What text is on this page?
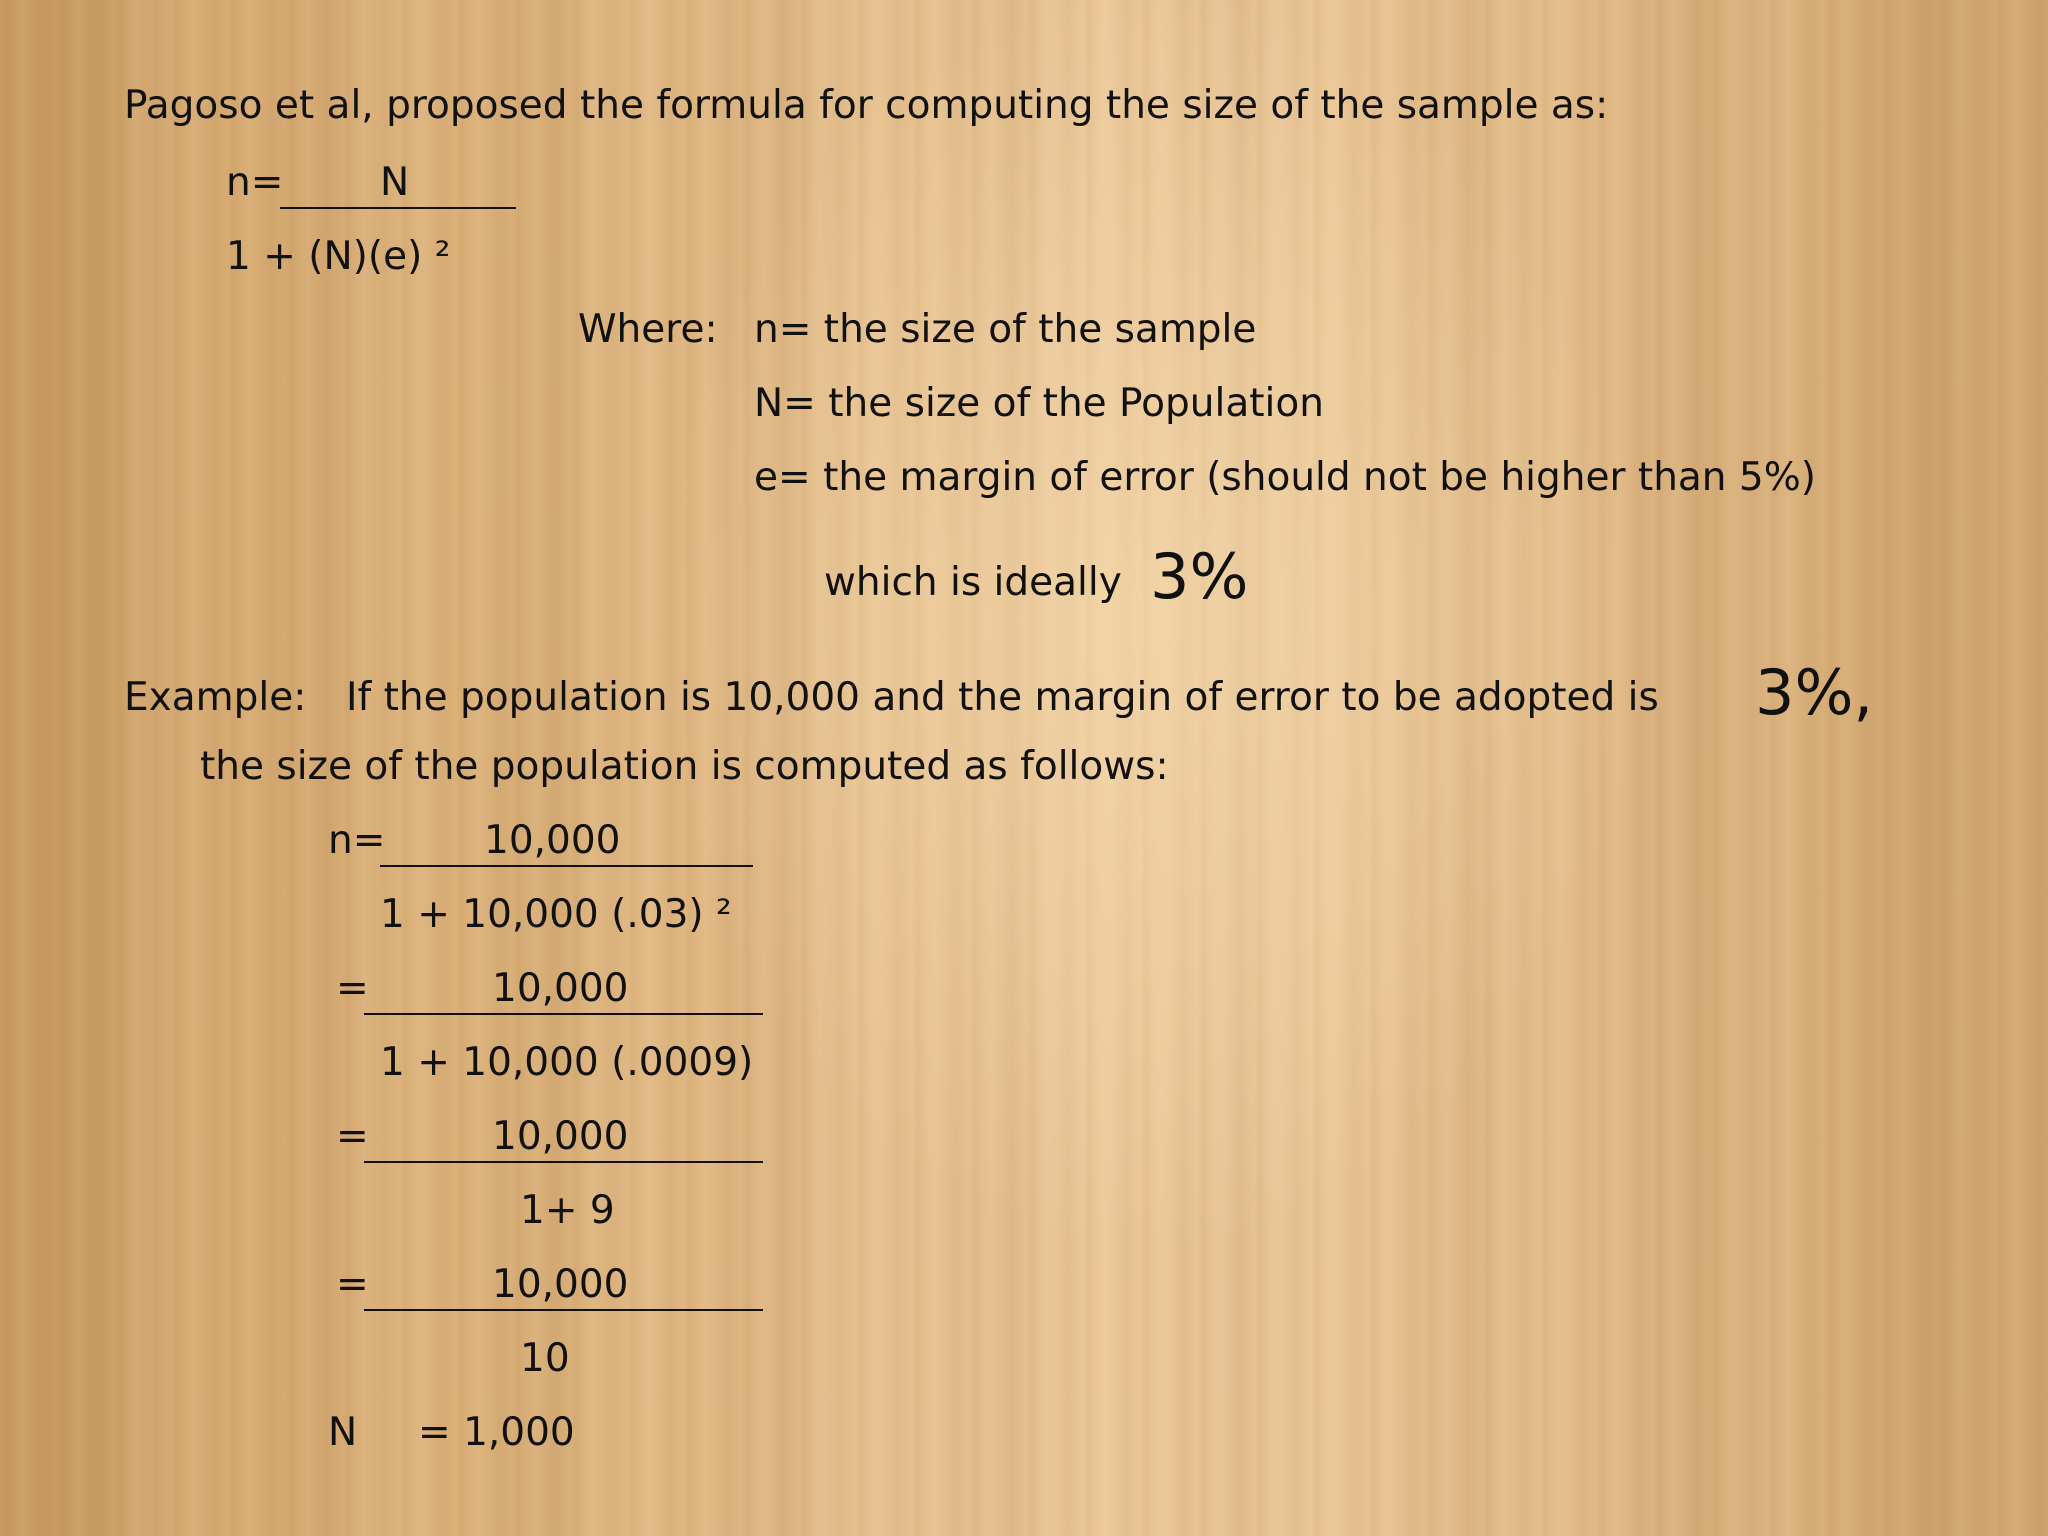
Pagoso et al, proposed the formula for computing the size of the sample as:
n= N
1 + (N)(e) ²
Where: n= the size of the sample
N= the size of the Population
e= the margin of error (should not be higher than 5%)
which is ideally 3%
Example: If the population is 10,000 and the margin of error to be adopted is 3%,
the size of the population is computed as follows:
n=	10,000
1 + 10,000 (.03) ²
=	10,000
1 + 10,000 (.0009)
=	10,000
1+ 9
=	10,000
10
N = 1,000
